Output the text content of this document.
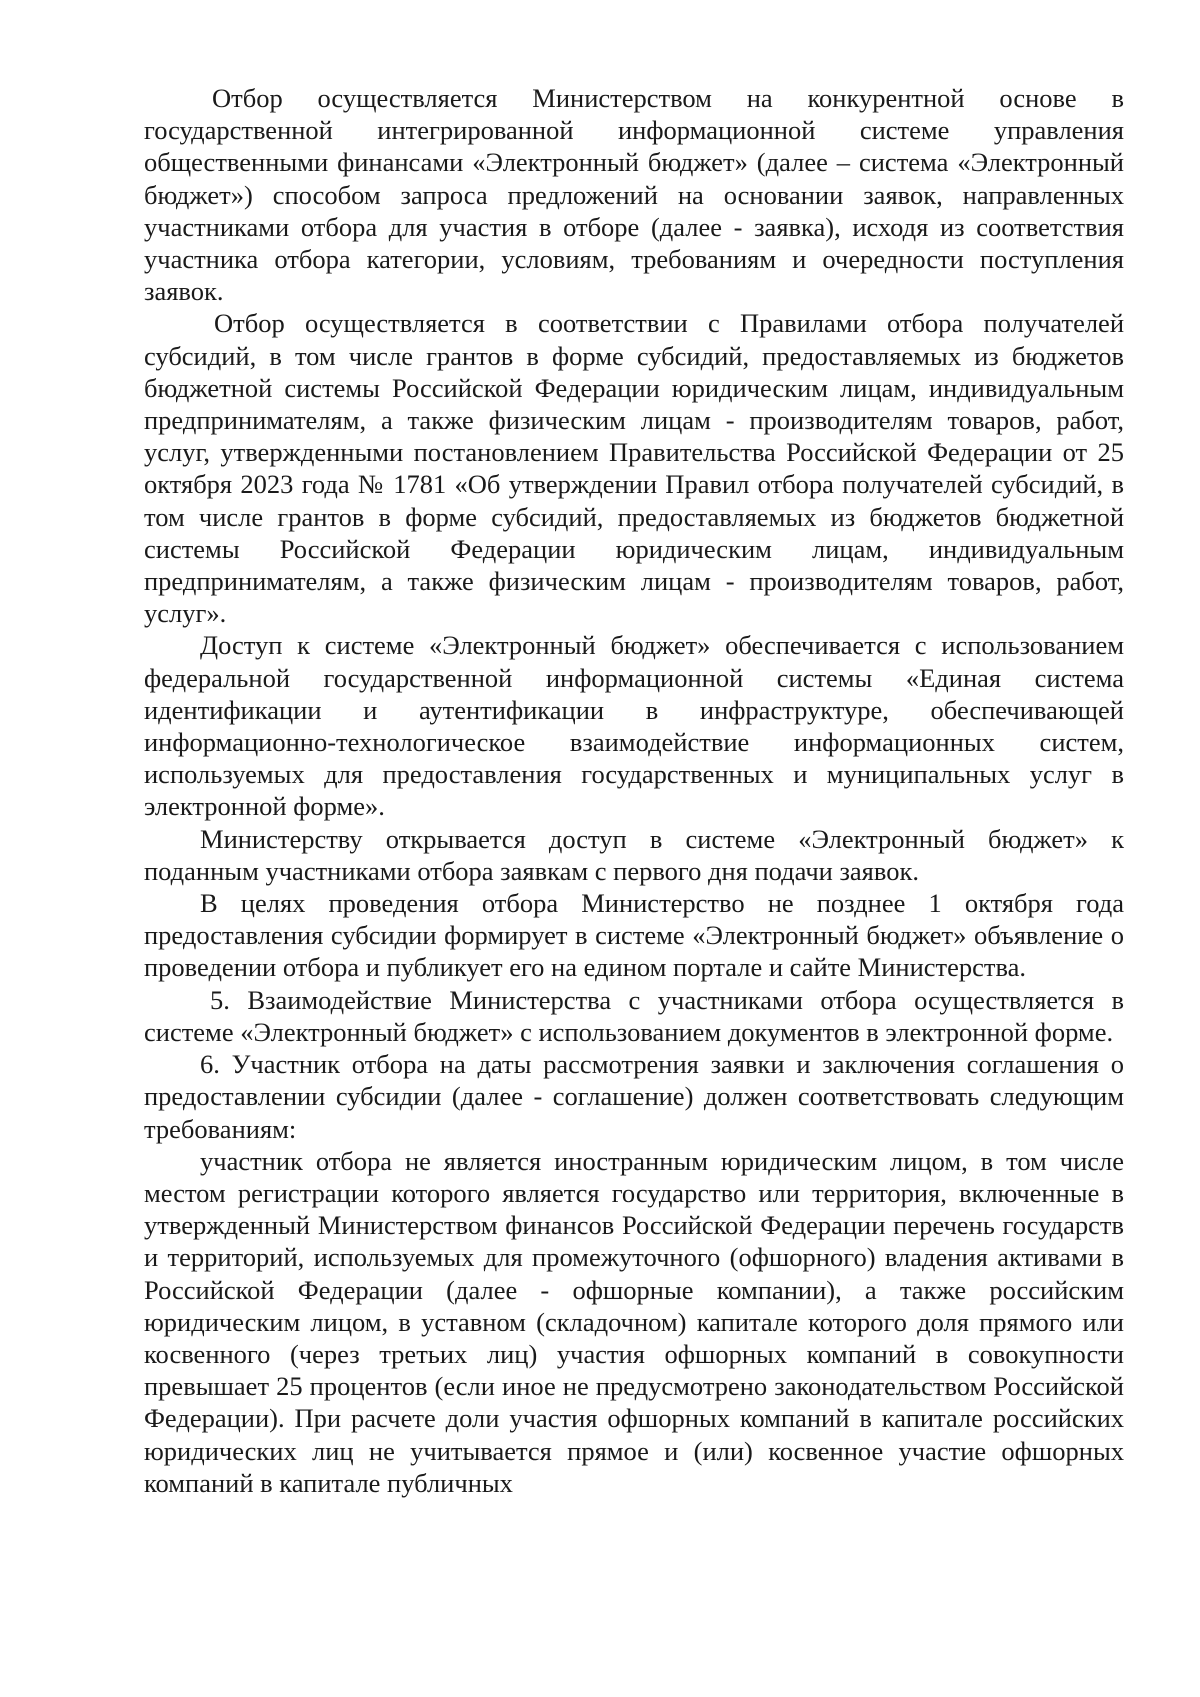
Отбор осуществляется Министерством на конкурентной основе в государственной интегрированной информационной системе управления общественными финансами «Электронный бюджет» (далее – система «Электронный бюджет») способом запроса предложений на основании заявок, направленных участниками отбора для участия в отборе (далее - заявка), исходя из соответствия участника отбора категории, условиям, требованиям и очередности поступления заявок.

Отбор осуществляется в соответствии с Правилами отбора получателей субсидий, в том числе грантов в форме субсидий, предоставляемых из бюджетов бюджетной системы Российской Федерации юридическим лицам, индивидуальным предпринимателям, а также физическим лицам - производителям товаров, работ, услуг, утвержденными постановлением Правительства Российской Федерации от 25 октября 2023 года № 1781 «Об утверждении Правил отбора получателей субсидий, в том числе грантов в форме субсидий, предоставляемых из бюджетов бюджетной системы Российской Федерации юридическим лицам, индивидуальным предпринимателям, а также физическим лицам - производителям товаров, работ, услуг».

Доступ к системе «Электронный бюджет» обеспечивается с использованием федеральной государственной информационной системы «Единая система идентификации и аутентификации в инфраструктуре, обеспечивающей информационно-технологическое взаимодействие информационных систем, используемых для предоставления государственных и муниципальных услуг в электронной форме».

Министерству открывается доступ в системе «Электронный бюджет» к поданным участниками отбора заявкам с первого дня подачи заявок.

В целях проведения отбора Министерство не позднее 1 октября года предоставления субсидии формирует в системе «Электронный бюджет» объявление о проведении отбора и публикует его на едином портале и сайте Министерства.

5. Взаимодействие Министерства с участниками отбора осуществляется в системе «Электронный бюджет» с использованием документов в электронной форме.

6. Участник отбора на даты рассмотрения заявки и заключения соглашения о предоставлении субсидии (далее - соглашение) должен соответствовать следующим требованиям:

участник отбора не является иностранным юридическим лицом, в том числе местом регистрации которого является государство или территория, включенные в утвержденный Министерством финансов Российской Федерации перечень государств и территорий, используемых для промежуточного (офшорного) владения активами в Российской Федерации (далее - офшорные компании), а также российским юридическим лицом, в уставном (складочном) капитале которого доля прямого или косвенного (через третьих лиц) участия офшорных компаний в совокупности превышает 25 процентов (если иное не предусмотрено законодательством Российской Федерации). При расчете доли участия офшорных компаний в капитале российских юридических лиц не учитывается прямое и (или) косвенное участие офшорных компаний в капитале публичных
